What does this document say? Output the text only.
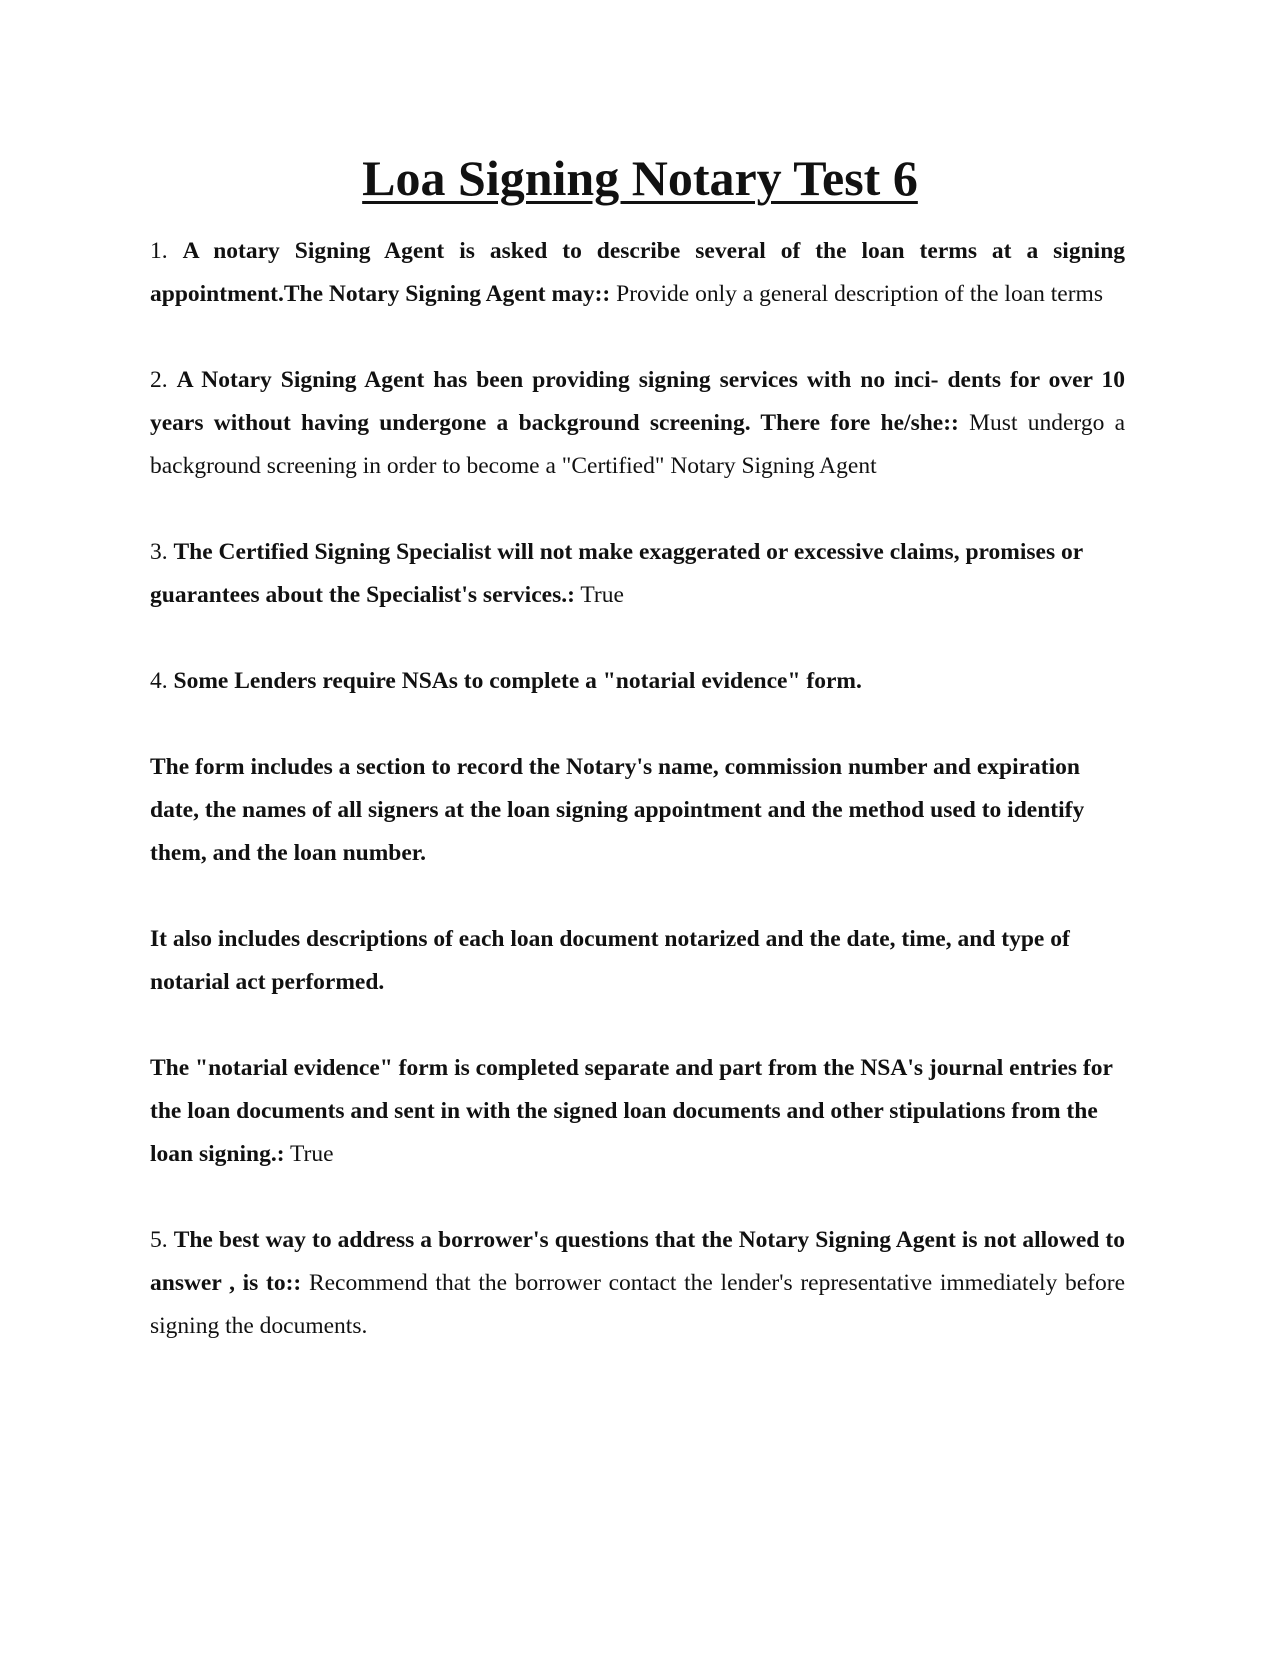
Loa Signing Notary Test 6

1. A notary Signing Agent is asked to describe several of the loan terms at a signing appointment.The Notary Signing Agent may:: Provide only a general description of the loan terms

2. A Notary Signing Agent has been providing signing services with no inci- dents for over 10 years without having undergone a background screening. There fore he/she:: Must undergo a background screening in order to become a "Certified" Notary Signing Agent

3. The Certified Signing Specialist will not make exaggerated or excessive claims, promises or guarantees about the Specialist's services.: True

4. Some Lenders require NSAs to complete a "notarial evidence" form.

The form includes a section to record the Notary's name, commission number and expiration date, the names of all signers at the loan signing appointment and the method used to identify them, and the loan number.

It also includes descriptions of each loan document notarized and the date, time, and type of notarial act performed.

The "notarial evidence" form is completed separate and part from the NSA's journal entries for the loan documents and sent in with the signed loan documents and other stipulations from the loan signing.: True

5. The best way to address a borrower's questions that the Notary Signing Agent is not allowed to answer , is to:: Recommend that the borrower contact the lender's representative immediately before signing the documents.
